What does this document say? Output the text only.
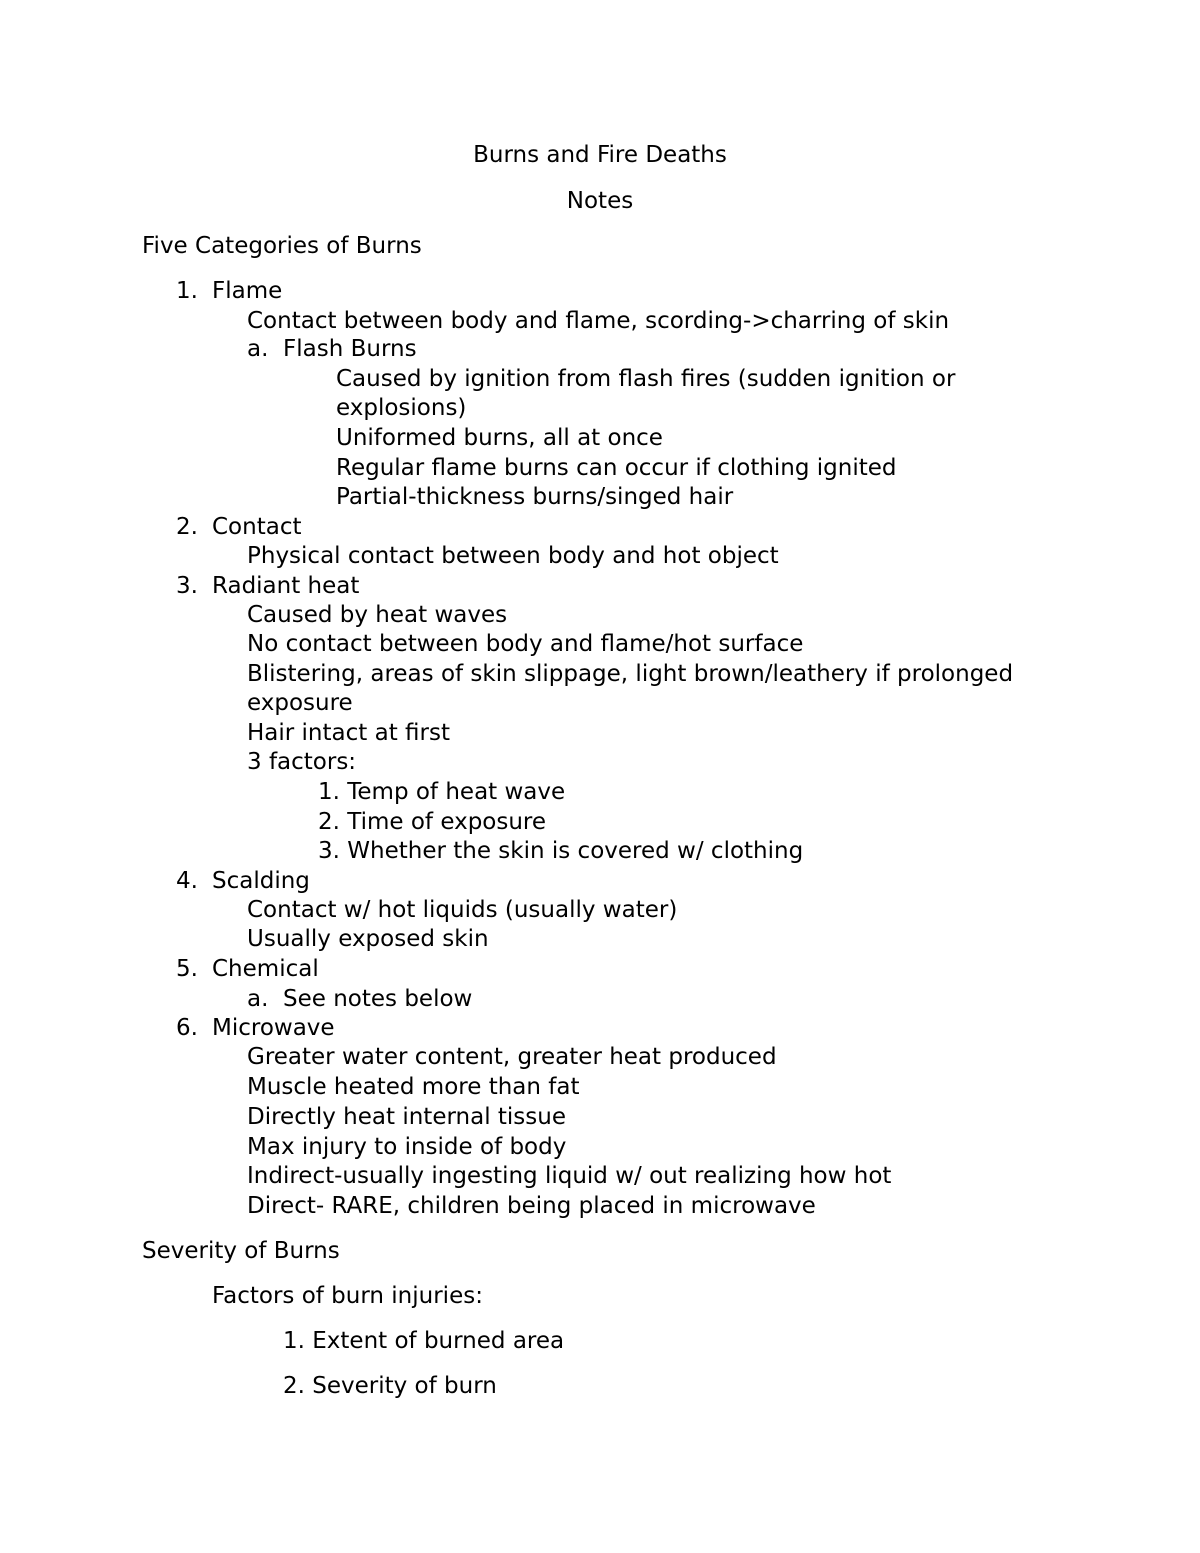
Burns and Fire Deaths
Notes
Five Categories of Burns
1. Flame
Contact between body and flame, scording->charring of skin
a. Flash Burns
Caused by ignition from flash fires (sudden ignition or
explosions)
Uniformed burns, all at once
Regular flame burns can occur if clothing ignited
Partial-thickness burns/singed hair
2. Contact
Physical contact between body and hot object
3. Radiant heat
Caused by heat waves
No contact between body and flame/hot surface
Blistering, areas of skin slippage, light brown/leathery if prolonged
exposure
Hair intact at first
3 factors:
1. Temp of heat wave
2. Time of exposure
3. Whether the skin is covered w/ clothing
4. Scalding
Contact w/ hot liquids (usually water)
Usually exposed skin
5. Chemical
a. See notes below
6. Microwave
Greater water content, greater heat produced
Muscle heated more than fat
Directly heat internal tissue
Max injury to inside of body
Indirect-usually ingesting liquid w/ out realizing how hot
Direct- RARE, children being placed in microwave
Severity of Burns
Factors of burn injuries:
1. Extent of burned area
2. Severity of burn
